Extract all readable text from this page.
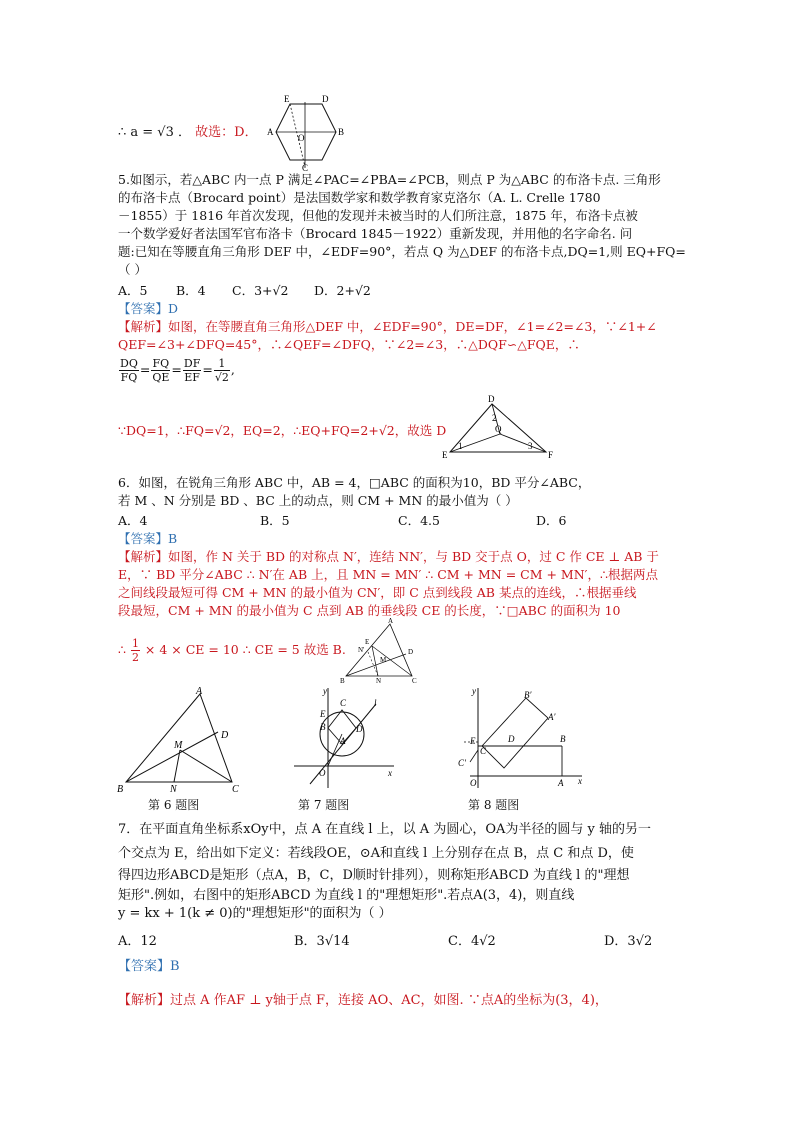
∴ a = √3 ． 故选：D．
E	D
A	B
O
C
5.如图示，若△ABC 内一点 P 满足∠PAC=∠PBA=∠PCB，则点 P 为△ABC 的布洛卡点. 三角形
的布洛卡点（Brocard point）是法国数学家和数学教育家克洛尔（A. L. Crelle 1780
－1855）于 1816 年首次发现，但他的发现并未被当时的人们所注意，1875 年，布洛卡点被
一个数学爱好者法国军官布洛卡（Brocard 1845－1922）重新发现，并用他的名字命名. 问
题:已知在等腰直角三角形 DEF 中，∠EDF=90°，若点 Q 为△DEF 的布洛卡点,DQ=1,则 EQ+FQ=
（ ）
A．5 B．4 C．3+√2 D．2+√2
【答案】D
【解析】如图，在等腰直角三角形△DEF 中，∠EDF=90°，DE=DF，∠1=∠2=∠3，∵∠1+∠
QEF=∠3+∠DFQ=45°，∴∠QEF=∠DFQ，∵∠2=∠3，∴△DQF∽△FQE，∴
$\frac{DQ}{FQ} = \frac{FQ}{QE} = \frac{DF}{EF} = \frac{1}{√2}$ ,
∵DQ=1，∴FQ=√2，EQ=2，∴EQ+FQ=2+√2，故选 D
D
E	F
Q
1
2
3
6．如图，在锐角三角形 ABC 中，AB = 4，□ABC 的面积为10，BD 平分∠ABC，
若 M 、N 分别是 BD 、BC 上的动点，则 CM + MN 的最小值为（ ）
A．4	B．5	C．4.5	D．6
【答案】B
【解析】如图，作 N 关于 BD 的对称点 N′，连结 NN′，与 BD 交于点 O，过 C 作 CE ⊥ AB 于
E，∵ BD 平分∠ABC ∴ N′在 AB 上，且 MN = MN′ ∴ CM + MN = CM + MN′，∴根据两点
之间线段最短可得 CM + MN 的最小值为 CN′，即 C 点到线段 AB 某点的连线，∴根据垂线
段最短，CM + MN 的最小值为 C 点到 AB 的垂线段 CE 的长度，∵□ABC 的面积为 10
∴ $\frac{1}{2} \times 4$ × CE = 10 ∴ CE = 5 故选 B.
A
E
N'	D
M
B	N	C
A
D
M
B	N	C
第 6 题图
y
E
C	l
B
A
D
O	x
第 7 题图
y	B′
A′
D	B
E
C
C′
O	A x
第 8 题图
7．在平面直角坐标系xOy中，点 A 在直线 l 上，以 A 为圆心，OA为半径的圆与 y 轴的另一
个交点为 E，给出如下定义：若线段OE，⊙A和直线 l 上分别存在点 B，点 C 和点 D，使
得四边形ABCD是矩形（点A，B，C，D顺时针排列），则称矩形ABCD 为直线 l 的"理想
矩形".例如，右图中的矩形ABCD 为直线 l 的"理想矩形".若点A(3，4)，则直线
y = kx + 1(k ≠ 0)的"理想矩形"的面积为（ ）
A．12	B．3√14	C．4√2	D．3√2
【答案】B
【解析】过点 A 作AF ⊥ y轴于点 F，连接 AO、AC，如图. ∵点A的坐标为(3，4)，
